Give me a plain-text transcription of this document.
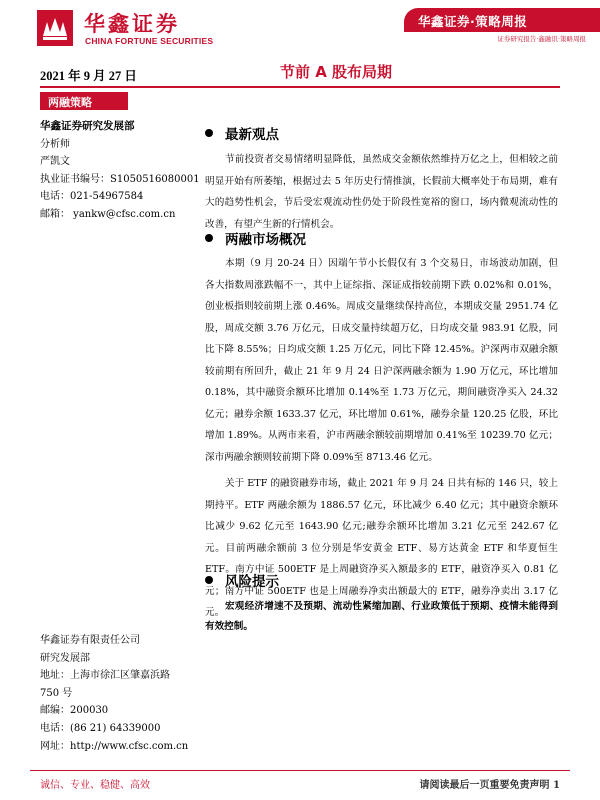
华鑫证券
CHINA FORTUNE SECURITIES
华鑫证券·策略周报
证券研究报告·鑫融讯·策略周报
2021 年 9 月 27 日	节前 A 股布局期
两融策略
华鑫证券研究发展部
分析师
严凯文
执业证书编号：S1050516080001
电话：021-54967584
邮箱： yankw@cfsc.com.cn
华鑫证券有限责任公司
研究发展部
地址：上海市徐汇区肇嘉浜路
750 号
邮编：200030
电话：(86 21) 64339000
网址：http://www.cfsc.com.cn
最新观点

节前投资者交易情绪明显降低，虽然成交金额依然维持万亿之上，但相较之前明显开始有所萎缩，根据过去 5 年历史行情推演，长假前大概率处于布局期，难有大的趋势性机会，节后受宏观流动性仍处于阶段性宽裕的窗口，场内微观流动性的改善，有望产生新的行情机会。

两融市场概况

本期（9 月 20-24 日）因端午节小长假仅有 3 个交易日，市场波动加剧，但各大指数周涨跌幅不一，其中上证综指、深证成指较前期下跌 0.02%和 0.01%，创业板指则较前期上涨 0.46%。周成交量继续保持高位，本期成交量 2951.74 亿股，周成交额 3.76 万亿元，日成交量持续超万亿，日均成交量 983.91 亿股，同比下降 8.55%；日均成交额 1.25 万亿元，同比下降 12.45%。沪深两市双融余额较前期有所回升，截止 21 年 9 月 24 日沪深两融余额为 1.90 万亿元，环比增加 0.18%，其中融资余额环比增加 0.14%至 1.73 万亿元，期间融资净买入 24.32 亿元；融券余额 1633.37 亿元，环比增加 0.61%，融券余量 120.25 亿股，环比增加 1.89%。从两市来看，沪市两融余额较前期增加 0.41%至 10239.70 亿元；深市两融余额则较前期下降 0.09%至 8713.46 亿元。

关于 ETF 的融资融券市场，截止 2021 年 9 月 24 日共有标的 146 只，较上期持平。ETF 两融余额为 1886.57 亿元，环比减少 6.40 亿元；其中融资余额环比减少 9.62 亿元至 1643.90 亿元;融券余额环比增加 3.21 亿元至 242.67 亿元。目前两融余额前 3 位分别是华安黄金 ETF、易方达黄金 ETF 和华夏恒生 ETF。南方中证 500ETF 是上周融资净买入额最多的 ETF，融资净买入 0.81 亿元；南方中证 500ETF 也是上周融券净卖出额最大的 ETF，融券净卖出 3.17 亿元。

风险提示

宏观经济增速不及预期、流动性紧缩加剧、行业政策低于预期、疫情未能得到有效控制。

诚信、专业、稳健、高效	请阅读最后一页重要免责声明 1
